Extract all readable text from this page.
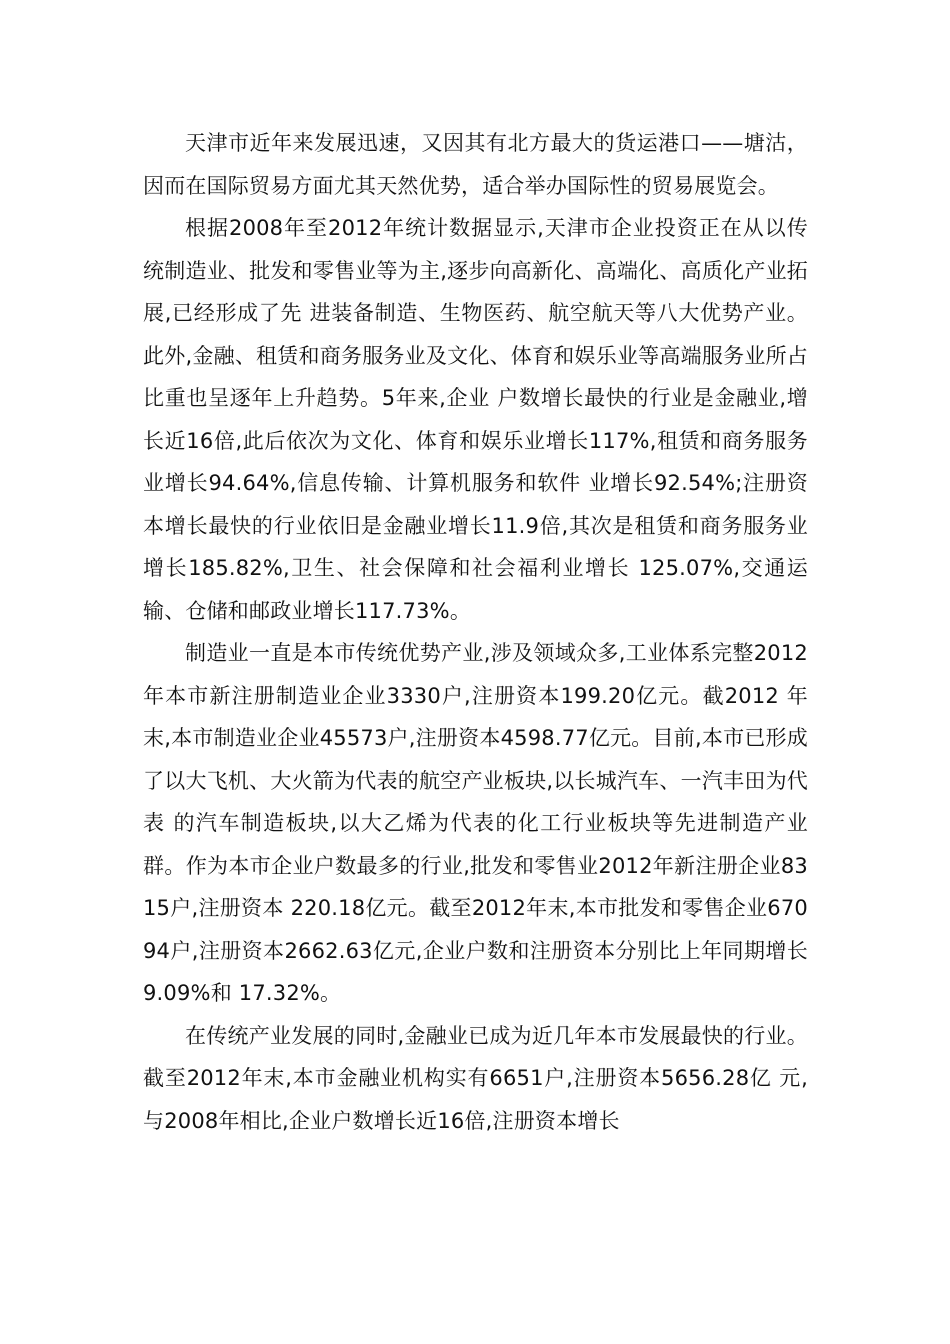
天津市近年来发展迅速，又因其有北方最大的货运港口——塘沽，因而在国际贸易方面尤其天然优势，适合举办国际性的贸易展览会。

根据2008年至2012年统计数据显示,天津市企业投资正在从以传统制造业、批发和零售业等为主,逐步向高新化、高端化、高质化产业拓展,已经形成了先 进装备制造、生物医药、航空航天等八大优势产业。此外,金融、租赁和商务服务业及文化、体育和娱乐业等高端服务业所占比重也呈逐年上升趋势。5年来,企业 户数增长最快的行业是金融业,增长近16倍,此后依次为文化、体育和娱乐业增长117%,租赁和商务服务业增长94.64%,信息传输、计算机服务和软件 业增长92.54%;注册资本增长最快的行业依旧是金融业增长11.9倍,其次是租赁和商务服务业增长185.82%,卫生、社会保障和社会福利业增长 125.07%,交通运输、仓储和邮政业增长117.73%。

制造业一直是本市传统优势产业,涉及领域众多,工业体系完整2012年本市新注册制造业企业3330户,注册资本199.20亿元。截2012 年末,本市制造业企业45573户,注册资本4598.77亿元。目前,本市已形成了以大飞机、大火箭为代表的航空产业板块,以长城汽车、一汽丰田为代表 的汽车制造板块,以大乙烯为代表的化工行业板块等先进制造产业群。作为本市企业户数最多的行业,批发和零售业2012年新注册企业8315户,注册资本 220.18亿元。截至2012年末,本市批发和零售企业67094户,注册资本2662.63亿元,企业户数和注册资本分别比上年同期增长9.09%和 17.32%。

在传统产业发展的同时,金融业已成为近几年本市发展最快的行业。截至2012年末,本市金融业机构实有6651户,注册资本5656.28亿 元,与2008年相比,企业户数增长近16倍,注册资本增长
